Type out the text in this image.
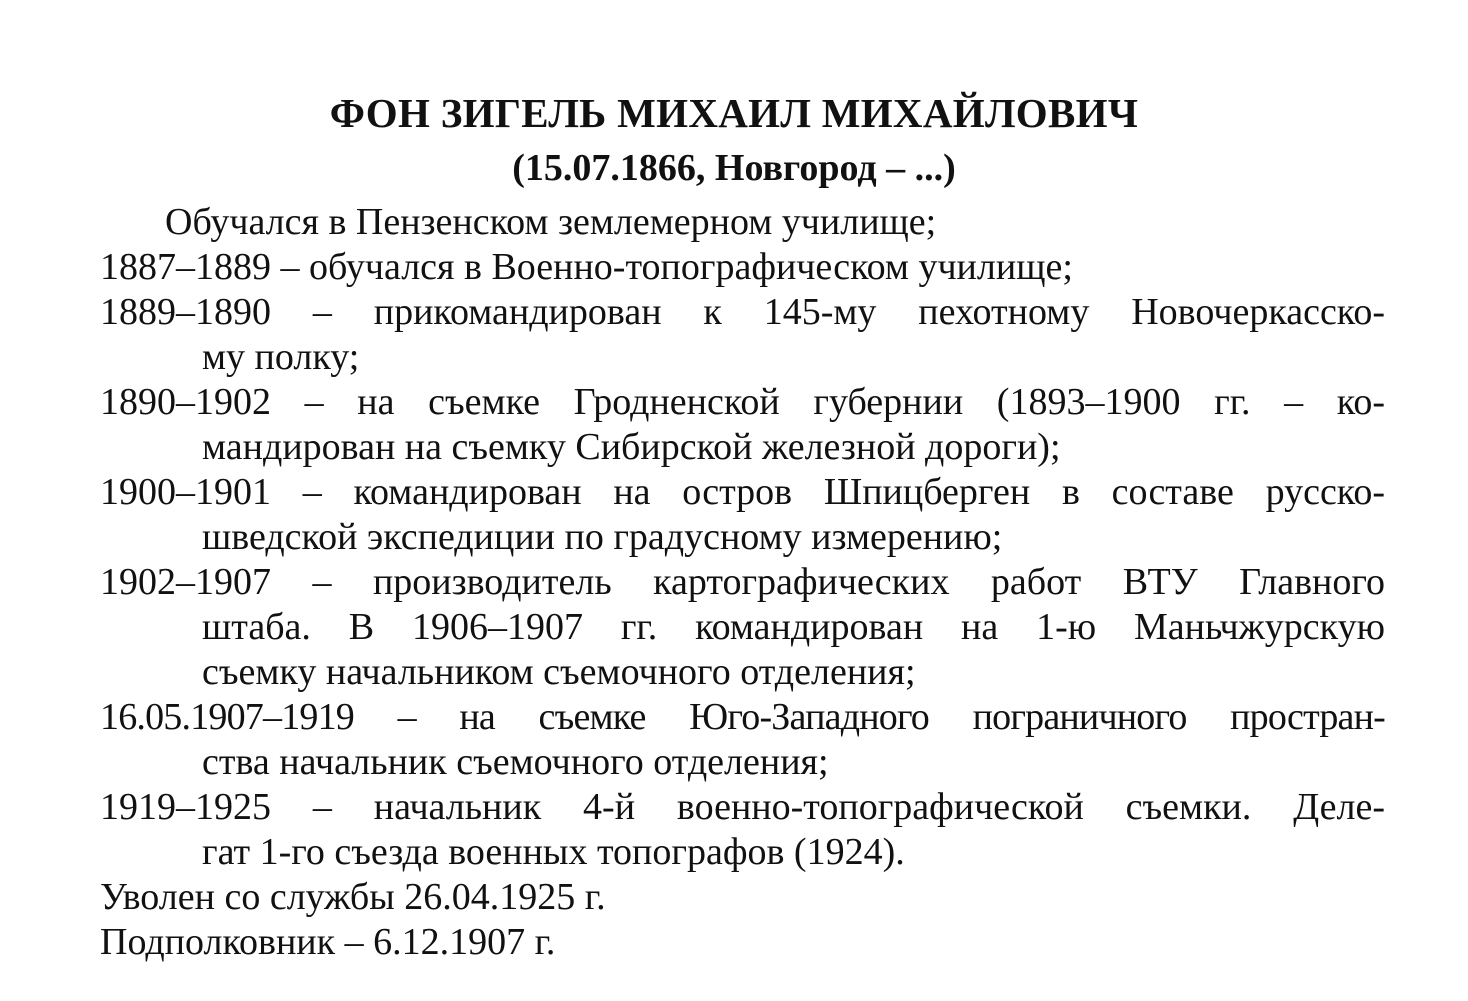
ФОН ЗИГЕЛЬ МИХАИЛ МИХАЙЛОВИЧ
(15.07.1866, Новгород – ...)
Обучался в Пензенском землемерном училище;
1887–1889 – обучался в Военно-топографическом училище;
1889–1890 – прикомандирован к 145-му пехотному Новочеркасско-
му полку;
1890–1902 – на съемке Гродненской губернии (1893–1900 гг. – ко-
мандирован на съемку Сибирской железной дороги);
1900–1901 – командирован на остров Шпицберген в составе русско-
шведской экспедиции по градусному измерению;
1902–1907 – производитель картографических работ ВТУ Главного
штаба. В 1906–1907 гг. командирован на 1-ю Маньчжурскую
съемку начальником съемочного отделения;
16.05.1907–1919 – на съемке Юго-Западного пограничного простран-
ства начальник съемочного отделения;
1919–1925 – начальник 4-й военно-топографической съемки. Деле-
гат 1-го съезда военных топографов (1924).
Уволен со службы 26.04.1925 г.
Подполковник – 6.12.1907 г.
